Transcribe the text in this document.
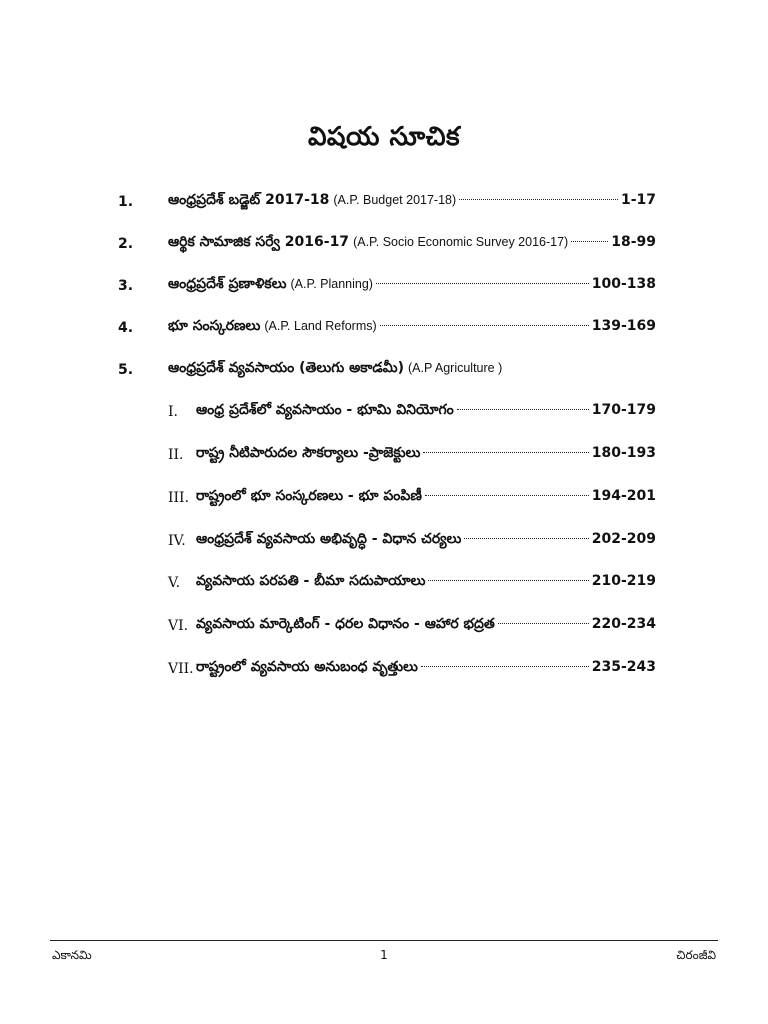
విషయ సూచిక
1. ఆంధ్రప్రదేశ్ బడ్జెట్ 2017-18 (A.P. Budget 2017-18)	1-17
2. ఆర్థిక సామాజిక సర్వే 2016-17 (A.P. Socio Economic Survey 2016-17)	18-99
3. ఆంధ్రప్రదేశ్ ప్రణాళికలు (A.P. Planning)	100-138
4. భూ సంస్కరణలు (A.P. Land Reforms)	139-169
5. ఆంధ్రప్రదేశ్ వ్యవసాయం (తెలుగు అకాడమీ) (A.P Agriculture )
I. ఆంధ్ర ప్రదేశ్‌లో వ్యవసాయం - భూమి వినియోగం	170-179
II. రాష్ట్ర నీటిపారుదల సౌకర్యాలు -ప్రాజెక్టులు	180-193
III. రాష్ట్రంలో భూ సంస్కరణలు - భూ పంపిణీ	194-201
IV. ఆంధ్రప్రదేశ్ వ్యవసాయ అభివృద్ధి - విధాన చర్యలు	202-209
V. వ్యవసాయ పరపతి - బీమా సదుపాయాలు	210-219
VI. వ్యవసాయ మార్కెటింగ్ - ధరల విధానం - ఆహార భద్రత	220-234
VII. రాష్ట్రంలో వ్యవసాయ అనుబంధ వృత్తులు	235-243
ఎకానమి	1	చిరంజీవి
